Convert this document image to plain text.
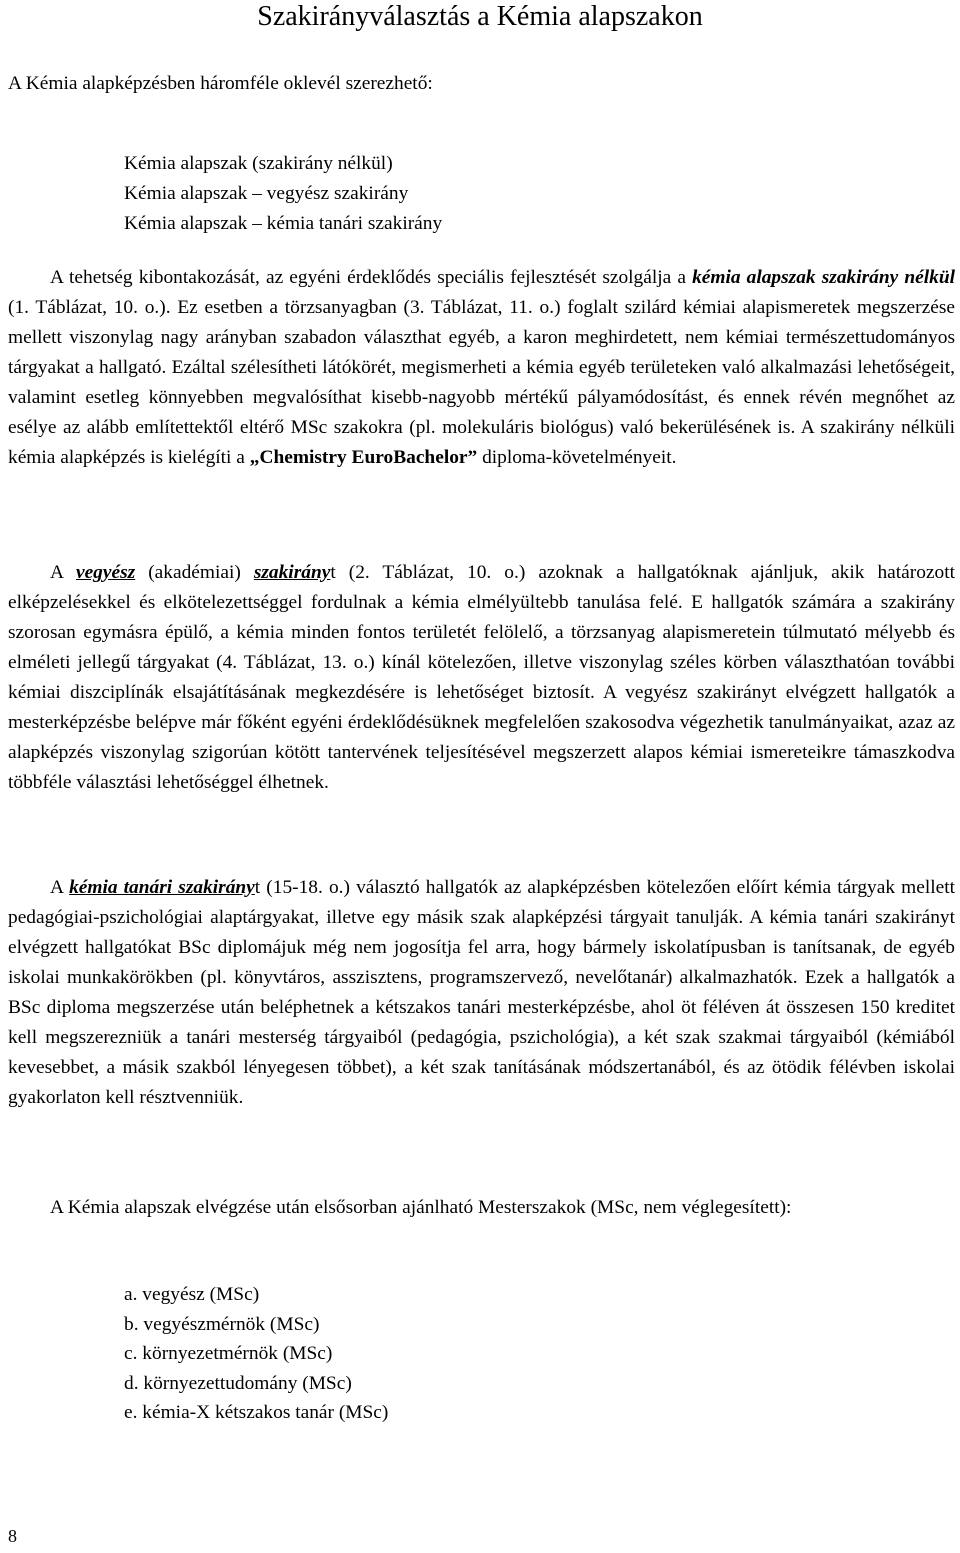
Szakirányválasztás a Kémia alapszakon

A Kémia alapképzésben háromféle oklevél szerezhető:

Kémia alapszak (szakirány nélkül)
Kémia alapszak – vegyész szakirány
Kémia alapszak – kémia tanári szakirány

A tehetség kibontakozását, az egyéni érdeklődés speciális fejlesztését szolgálja a kémia alapszak szakirány nélkül (1. Táblázat, 10. o.). Ez esetben a törzsanyagban (3. Táblázat, 11. o.) foglalt szilárd kémiai alapismeretek megszerzése mellett viszonylag nagy arányban szabadon választhat egyéb, a karon meghirdetett, nem kémiai természettudományos tárgyakat a hallgató. Ezáltal szélesítheti látókörét, megismerheti a kémia egyéb területeken való alkalmazási lehetőségeit, valamint esetleg könnyebben megvalósíthat kisebb-nagyobb mértékű pályamódosítást, és ennek révén megnőhet az esélye az alább említettektől eltérő MSc szakokra (pl. molekuláris biológus) való bekerülésének is. A szakirány nélküli kémia alapképzés is kielégíti a „Chemistry EuroBachelor” diploma-követelményeit.

A vegyész (akadémiai) szakirányt (2. Táblázat, 10. o.) azoknak a hallgatóknak ajánljuk, akik határozott elképzelésekkel és elkötelezettséggel fordulnak a kémia elmélyültebb tanulása felé. E hallgatók számára a szakirány szorosan egymásra épülő, a kémia minden fontos területét felölelő, a törzsanyag alapismeretein túlmutató mélyebb és elméleti jellegű tárgyakat (4. Táblázat, 13. o.) kínál kötelezően, illetve viszonylag széles körben választhatóan további kémiai diszciplínák elsajátításának megkezdésére is lehetőséget biztosít. A vegyész szakirányt elvégzett hallgatók a mesterképzésbe belépve már főként egyéni érdeklődésüknek megfelelően szakosodva végezhetik tanulmányaikat, azaz az alapképzés viszonylag szigorúan kötött tantervének teljesítésével megszerzett alapos kémiai ismereteikre támaszkodva többféle választási lehetőséggel élhetnek.

A kémia tanári szakirányt (15-18. o.) választó hallgatók az alapképzésben kötelezően előírt kémia tárgyak mellett pedagógiai-pszichológiai alaptárgyakat, illetve egy másik szak alapképzési tárgyait tanulják. A kémia tanári szakirányt elvégzett hallgatókat BSc diplomájuk még nem jogosítja fel arra, hogy bármely iskolatípusban is tanítsanak, de egyéb iskolai munkakörökben (pl. könyvtáros, asszisztens, programszervező, nevelőtanár) alkalmazhatók. Ezek a hallgatók a BSc diploma megszerzése után beléphetnek a kétszakos tanári mesterképzésbe, ahol öt féléven át összesen 150 kreditet kell megszerezniük a tanári mesterség tárgyaiból (pedagógia, pszichológia), a két szak szakmai tárgyaiból (kémiából kevesebbet, a másik szakból lényegesen többet), a két szak tanításának módszertanából, és az ötödik félévben iskolai gyakorlaton kell résztvenniük.

A Kémia alapszak elvégzése után elsősorban ajánlható Mesterszakok (MSc, nem véglegesített):

a. vegyész (MSc)
b. vegyészmérnök (MSc)
c. környezetmérnök (MSc)
d. környezettudomány (MSc)
e. kémia-X kétszakos tanár (MSc)

8
